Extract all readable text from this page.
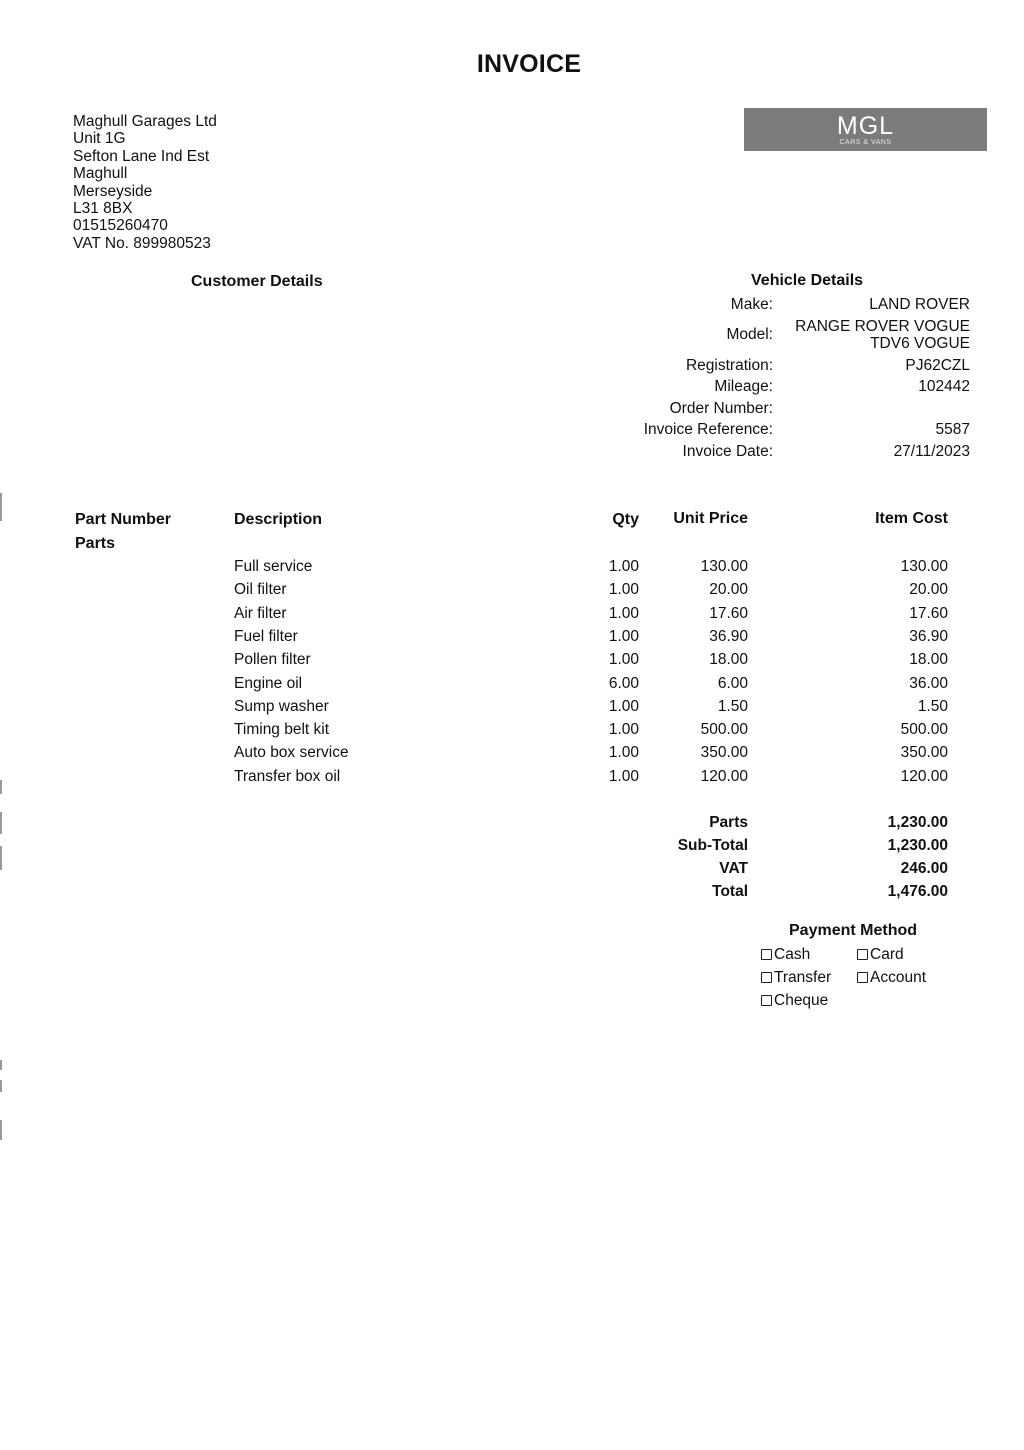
INVOICE
Maghull Garages Ltd
Unit 1G
Sefton Lane Ind Est
Maghull
Merseyside
L31 8BX
01515260470
VAT No. 899980523
MGL
CARS & VANS
Customer Details	Vehicle Details
Make:	LAND ROVER
Model: RANGE ROVER VOGUE
TDV6 VOGUE
Registration:	PJ62CZL
Mileage:	102442
Order Number:
Invoice Reference:	5587
Invoice Date:	27/11/2023
Part Number	Description	Qty Unit Price	Item Cost
Parts
Full service	1.00	130.00	130.00
Oil filter	1.00	20.00	20.00
Air filter	1.00	17.60	17.60
Fuel filter	1.00	36.90	36.90
Pollen filter	1.00	18.00	18.00
Engine oil	6.00	6.00	36.00
Sump washer	1.00	1.50	1.50
Timing belt kit	1.00	500.00	500.00
Auto box service	1.00	350.00	350.00
Transfer box oil	1.00	120.00	120.00
Parts	1,230.00
Sub-Total	1,230.00
VAT	246.00
Total	1,476.00
Payment Method
Cash	Card
Transfer	Account
Cheque
